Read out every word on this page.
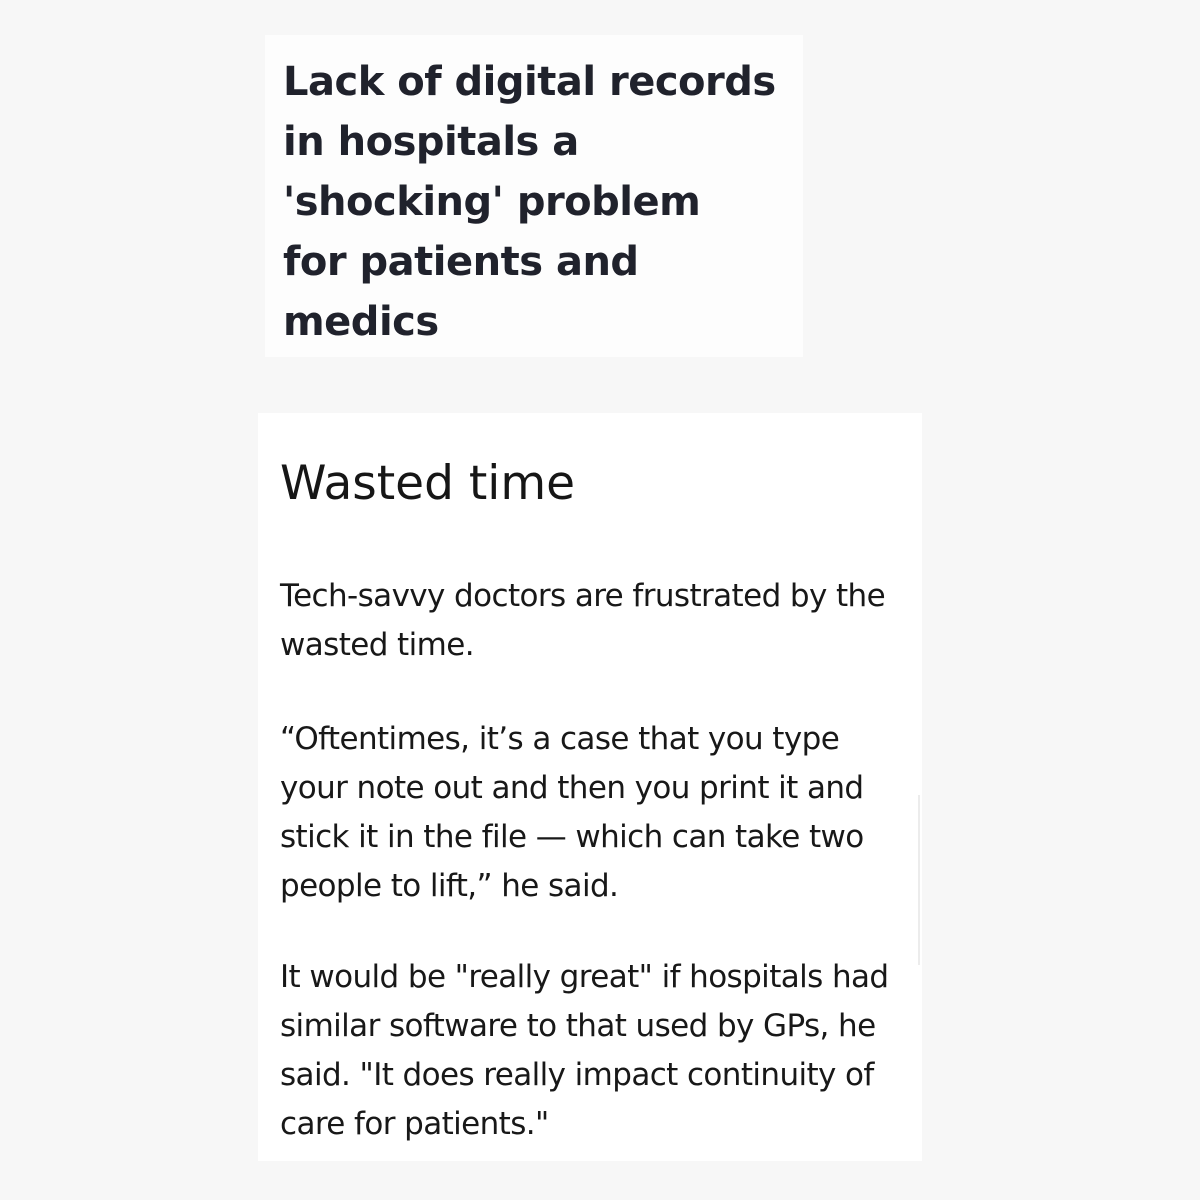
Lack of digital records
in hospitals a
'shocking' problem
for patients and
medics
Wasted time

Tech-savvy doctors are frustrated by the
wasted time.

“Oftentimes, it’s a case that you type
your note out and then you print it and
stick it in the file — which can take two
people to lift,” he said.

It would be "really great" if hospitals had
similar software to that used by GPs, he
said. "It does really impact continuity of
care for patients."
